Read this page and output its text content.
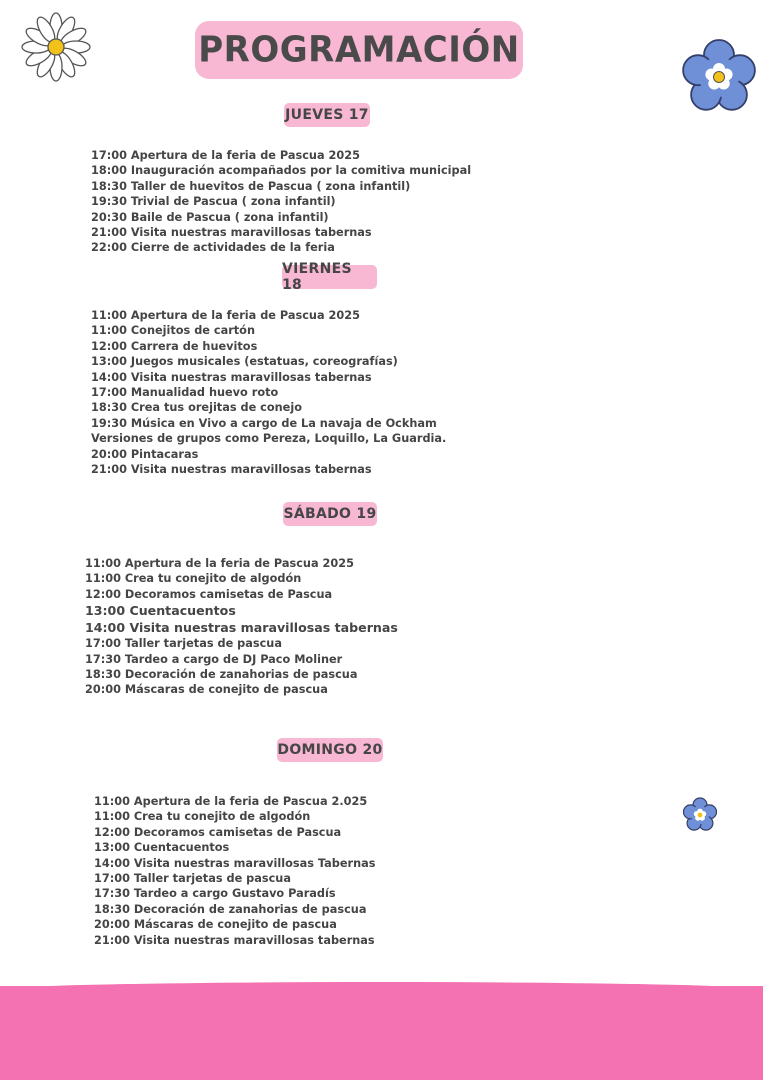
PROGRAMACIÓN
JUEVES 17
17:00 Apertura de la feria de Pascua 2025
18:00 Inauguración acompañados por la comitiva municipal
18:30 Taller de huevitos de Pascua ( zona infantil)
19:30 Trivial de Pascua ( zona infantil)
20:30 Baile de Pascua ( zona infantil)
21:00 Visita nuestras maravillosas tabernas
22:00 Cierre de actividades de la feria
VIERNES 18
11:00 Apertura de la feria de Pascua 2025
11:00 Conejitos de cartón
12:00 Carrera de huevitos
13:00 Juegos musicales (estatuas, coreografías)
14:00 Visita nuestras maravillosas tabernas
17:00 Manualidad huevo roto
18:30 Crea tus orejitas de conejo
19:30 Música en Vivo a cargo de La navaja de Ockham
Versiones de grupos como Pereza, Loquillo, La Guardia.
20:00 Pintacaras
21:00 Visita nuestras maravillosas tabernas
SÁBADO 19
11:00 Apertura de la feria de Pascua 2025
11:00 Crea tu conejito de algodón
12:00 Decoramos camisetas de Pascua
13:00 Cuentacuentos
14:00 Visita nuestras maravillosas tabernas
17:00 Taller tarjetas de pascua
17:30 Tardeo a cargo de DJ Paco Moliner
18:30 Decoración de zanahorias de pascua
20:00 Máscaras de conejito de pascua
DOMINGO 20
11:00 Apertura de la feria de Pascua 2.025
11:00 Crea tu conejito de algodón
12:00 Decoramos camisetas de Pascua
13:00 Cuentacuentos
14:00 Visita nuestras maravillosas Tabernas
17:00 Taller tarjetas de pascua
17:30 Tardeo a cargo Gustavo Paradís
18:30 Decoración de zanahorias de pascua
20:00 Máscaras de conejito de pascua
21:00 Visita nuestras maravillosas tabernas
